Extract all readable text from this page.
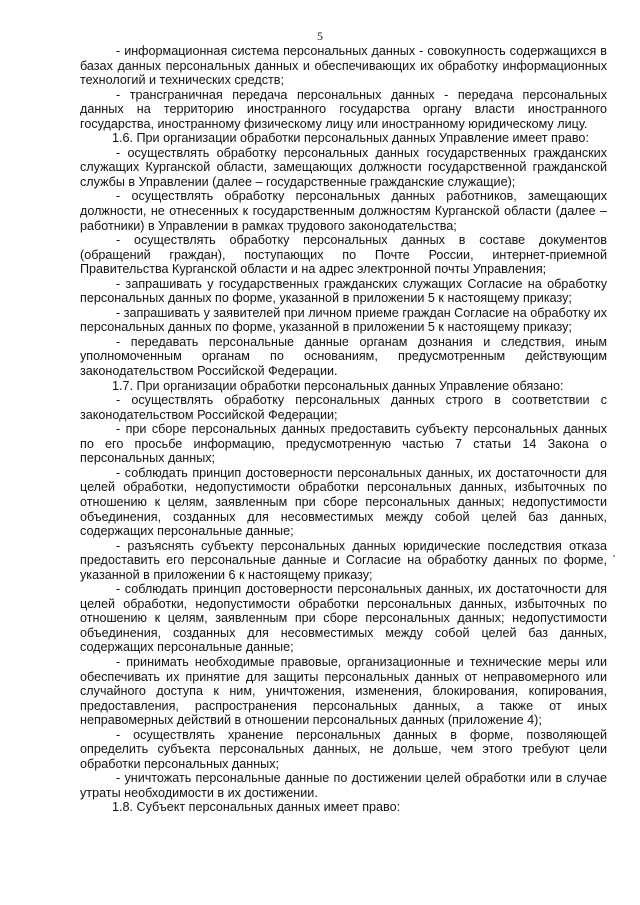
5

- информационная система персональных данных - совокупность содержащихся в базах данных персональных данных и обеспечивающих их обработку информационных технологий и технических средств;

- трансграничная передача персональных данных - передача персональных данных на территорию иностранного государства органу власти иностранного государства, иностранному физическому лицу или иностранному юридическому лицу.

1.6. При организации обработки персональных данных Управление имеет право:

- осуществлять обработку персональных данных государственных гражданских служащих Курганской области, замещающих должности государственной гражданской службы в Управлении (далее – государственные гражданские служащие);

- осуществлять обработку персональных данных работников, замещающих должности, не отнесенных к государственным должностям Курганской области (далее – работники) в Управлении в рамках трудового законодательства;

- осуществлять обработку персональных данных в составе документов (обращений граждан), поступающих по Почте России, интернет-приемной Правительства Курганской области и на адрес электронной почты Управления;

- запрашивать у государственных гражданских служащих Согласие на обработку персональных данных по форме, указанной в приложении 5 к настоящему приказу;

- запрашивать у заявителей при личном приеме граждан Согласие на обработку их персональных данных по форме, указанной в приложении 5 к настоящему приказу;

- передавать персональные данные органам дознания и следствия, иным уполномоченным органам по основаниям, предусмотренным действующим законодательством Российской Федерации.

1.7. При организации обработки персональных данных Управление обязано:

- осуществлять обработку персональных данных строго в соответствии с законодательством Российской Федерации;

- при сборе персональных данных предоставить субъекту персональных данных по его просьбе информацию, предусмотренную частью 7 статьи 14 Закона о персональных данных;

- соблюдать принцип достоверности персональных данных, их достаточности для целей обработки, недопустимости обработки персональных данных, избыточных по отношению к целям, заявленным при сборе персональных данных; недопустимости объединения, созданных для несовместимых между собой целей баз данных, содержащих персональные данные;

- разъяснять субъекту персональных данных юридические последствия отказа предоставить его персональные данные и Согласие на обработку данных по форме, указанной в приложении 6 к настоящему приказу;

- соблюдать принцип достоверности персональных данных, их достаточности для целей обработки, недопустимости обработки персональных данных, избыточных по отношению к целям, заявленным при сборе персональных данных; недопустимости объединения, созданных для несовместимых между собой целей баз данных, содержащих персональные данные;

- принимать необходимые правовые, организационные и технические меры или обеспечивать их принятие для защиты персональных данных от неправомерного или случайного доступа к ним, уничтожения, изменения, блокирования, копирования, предоставления, распространения персональных данных, а также от иных неправомерных действий в отношении персональных данных (приложение 4);

- осуществлять хранение персональных данных в форме, позволяющей определить субъекта персональных данных, не дольше, чем этого требуют цели обработки персональных данных;

- уничтожать персональные данные по достижении целей обработки или в случае утраты необходимости в их достижении.

1.8. Субъект персональных данных имеет право:
